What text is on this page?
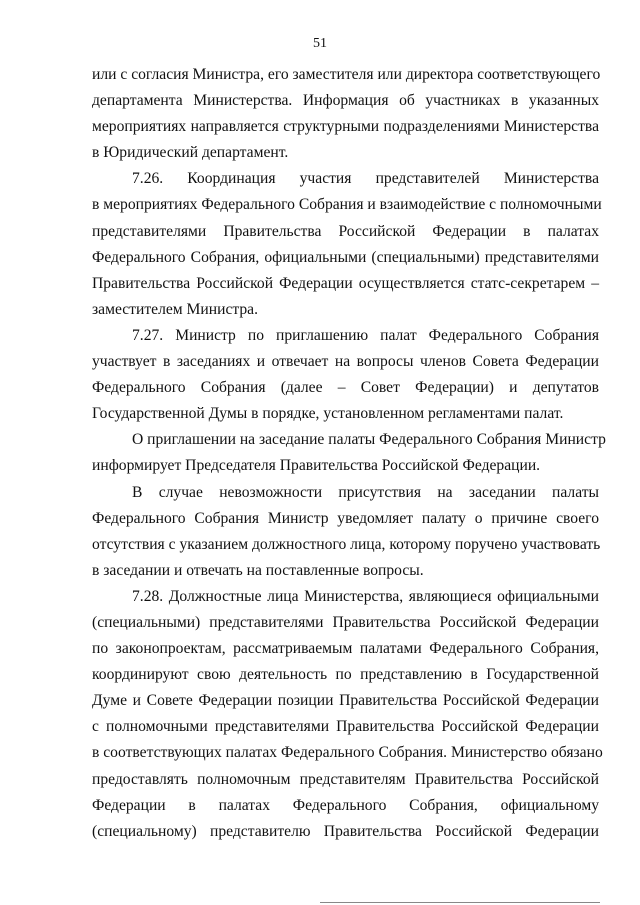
51
или с согласия Министра, его заместителя или директора соответствующего
департамента Министерства. Информация об участниках в указанных
мероприятиях направляется структурными подразделениями Министерства
в Юридический департамент.
7.26. Координация участия представителей Министерства
в мероприятиях Федерального Собрания и взаимодействие с полномочными
представителями Правительства Российской Федерации в палатах
Федерального Собрания, официальными (специальными) представителями
Правительства Российской Федерации осуществляется статс-секретарем –
заместителем Министра.
7.27. Министр по приглашению палат Федерального Собрания
участвует в заседаниях и отвечает на вопросы членов Совета Федерации
Федерального Собрания (далее – Совет Федерации) и депутатов
Государственной Думы в порядке, установленном регламентами палат.
О приглашении на заседание палаты Федерального Собрания Министр
информирует Председателя Правительства Российской Федерации.
В случае невозможности присутствия на заседании палаты
Федерального Собрания Министр уведомляет палату о причине своего
отсутствия с указанием должностного лица, которому поручено участвовать
в заседании и отвечать на поставленные вопросы.
7.28. Должностные лица Министерства, являющиеся официальными
(специальными) представителями Правительства Российской Федерации
по законопроектам, рассматриваемым палатами Федерального Собрания,
координируют свою деятельность по представлению в Государственной
Думе и Совете Федерации позиции Правительства Российской Федерации
с полномочными представителями Правительства Российской Федерации
в соответствующих палатах Федерального Собрания. Министерство обязано
предоставлять полномочным представителям Правительства Российской
Федерации в палатах Федерального Собрания, официальному
(специальному) представителю Правительства Российской Федерации
